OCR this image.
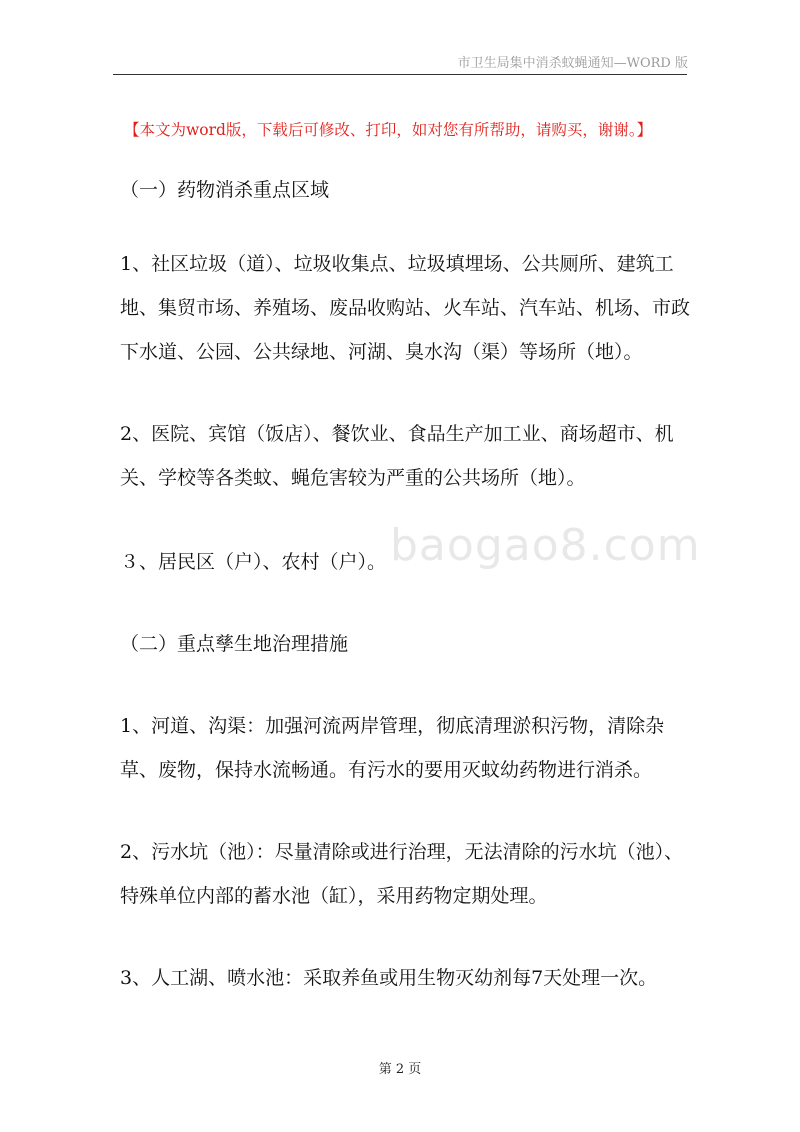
市卫生局集中消杀蚊蝇通知—WORD 版
【本文为word版，下载后可修改、打印，如对您有所帮助，请购买，谢谢。】

（一）药物消杀重点区域

1、社区垃圾（道）、垃圾收集点、垃圾填埋场、公共厕所、建筑工地、集贸市场、养殖场、废品收购站、火车站、汽车站、机场、市政下水道、公园、公共绿地、河湖、臭水沟（渠）等场所（地）。

2、医院、宾馆（饭店）、餐饮业、食品生产加工业、商场超市、机关、学校等各类蚊、蝇危害较为严重的公共场所（地）。

３、居民区（户）、农村（户）。

（二）重点孳生地治理措施

1、河道、沟渠：加强河流两岸管理，彻底清理淤积污物，清除杂草、废物，保持水流畅通。有污水的要用灭蚊幼药物进行消杀。

2、污水坑（池）：尽量清除或进行治理，无法清除的污水坑（池）、特殊单位内部的蓄水池（缸），采用药物定期处理。

3、人工湖、喷水池：采取养鱼或用生物灭幼剂每7天处理一次。

baogao8.com
第 2 页
